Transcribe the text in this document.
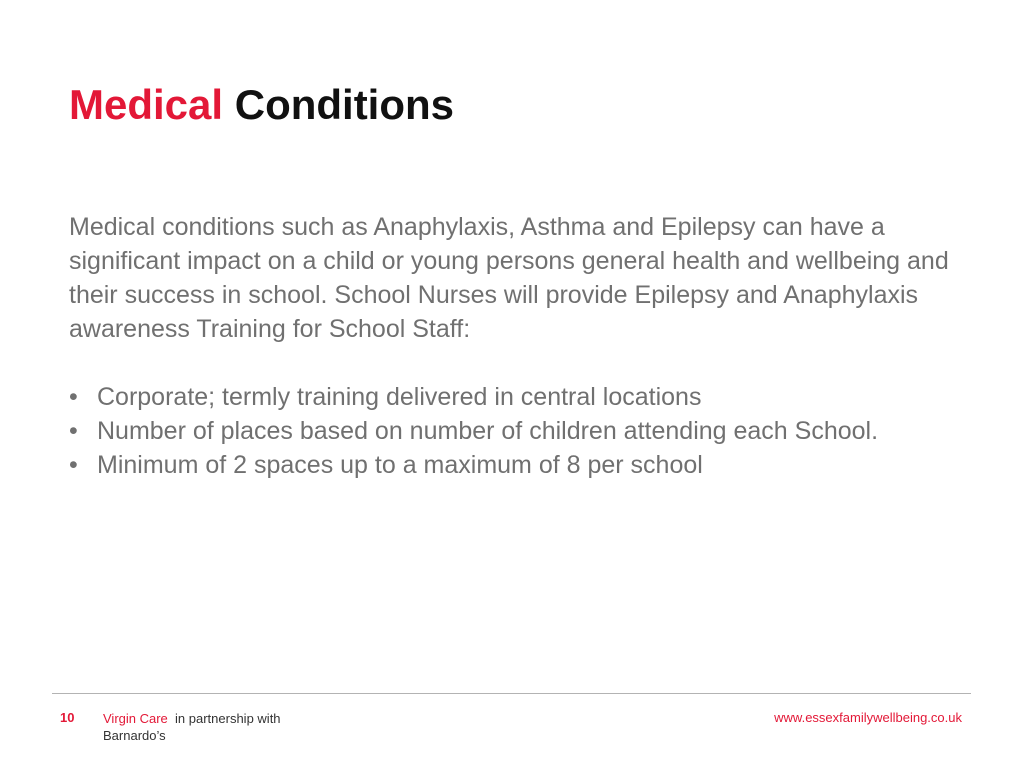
Medical Conditions

Medical conditions such as Anaphylaxis, Asthma and Epilepsy can have a significant impact on a child or young persons general health and wellbeing and their success in school. School Nurses will provide Epilepsy and Anaphylaxis awareness Training for School Staff:

• Corporate; termly training delivered in central locations
• Number of places based on number of children attending each School.
• Minimum of 2 spaces up to a maximum of 8 per school
10 Virgin Care in partnership with
Barnardo’s
www.essexfamilywellbeing.co.uk
